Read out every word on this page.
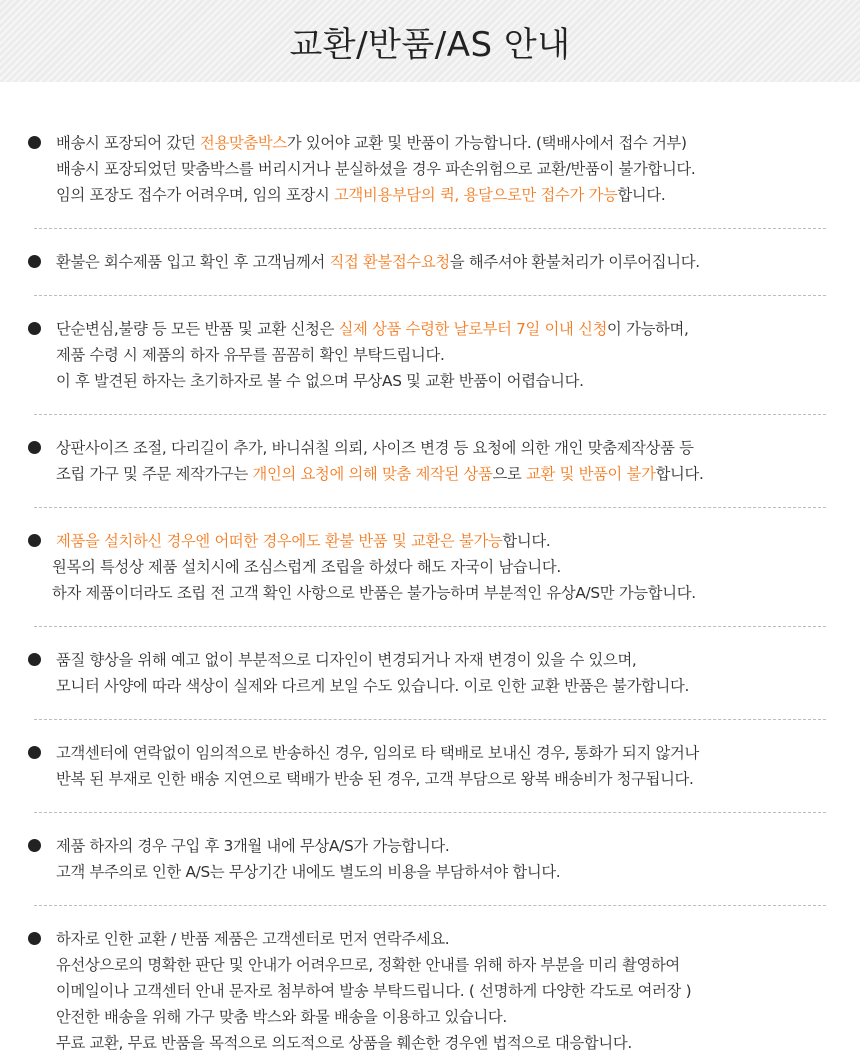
교환/반품/AS 안내
배송시 포장되어 갔던 전용맞춤박스가 있어야 교환 및 반품이 가능합니다. (택배사에서 접수 거부)
배송시 포장되었던 맞춤박스를 버리시거나 분실하셨을 경우 파손위험으로 교환/반품이 불가합니다.
임의 포장도 접수가 어려우며, 임의 포장시 고객비용부담의 퀵, 용달으로만 접수가 가능합니다.
환불은 회수제품 입고 확인 후 고객님께서 직접 환불접수요청을 해주셔야 환불처리가 이루어집니다.
단순변심,불량 등 모든 반품 및 교환 신청은 실제 상품 수령한 날로부터 7일 이내 신청이 가능하며,
제품 수령 시 제품의 하자 유무를 꼼꼼히 확인 부탁드립니다.
이 후 발견된 하자는 초기하자로 볼 수 없으며 무상AS 및 교환 반품이 어렵습니다.
상판사이즈 조절, 다리길이 추가, 바니쉬칠 의뢰, 사이즈 변경 등 요청에 의한 개인 맞춤제작상품 등
조립 가구 및 주문 제작가구는 개인의 요청에 의해 맞춤 제작된 상품으로 교환 및 반품이 불가합니다.
제품을 설치하신 경우엔 어떠한 경우에도 환불 반품 및 교환은 불가능합니다.
원목의 특성상 제품 설치시에 조심스럽게 조립을 하셨다 해도 자국이 남습니다.
하자 제품이더라도 조립 전 고객 확인 사항으로 반품은 불가능하며 부분적인 유상A/S만 가능합니다.
품질 향상을 위해 예고 없이 부분적으로 디자인이 변경되거나 자재 변경이 있을 수 있으며,
모니터 사양에 따라 색상이 실제와 다르게 보일 수도 있습니다. 이로 인한 교환 반품은 불가합니다.
고객센터에 연락없이 임의적으로 반송하신 경우, 임의로 타 택배로 보내신 경우, 통화가 되지 않거나
반복 된 부재로 인한 배송 지연으로 택배가 반송 된 경우, 고객 부담으로 왕복 배송비가 청구됩니다.
제품 하자의 경우 구입 후 3개월 내에 무상A/S가 가능합니다.
고객 부주의로 인한 A/S는 무상기간 내에도 별도의 비용을 부담하셔야 합니다.
하자로 인한 교환 / 반품 제품은 고객센터로 먼저 연락주세요.
유선상으로의 명확한 판단 및 안내가 어려우므로, 정확한 안내를 위해 하자 부분을 미리 촬영하여
이메일이나 고객센터 안내 문자로 첨부하여 발송 부탁드립니다. ( 선명하게 다양한 각도로 여러장 )
안전한 배송을 위해 가구 맞춤 박스와 화물 배송을 이용하고 있습니다.
무료 교환, 무료 반품을 목적으로 의도적으로 상품을 훼손한 경우엔 법적으로 대응합니다.
